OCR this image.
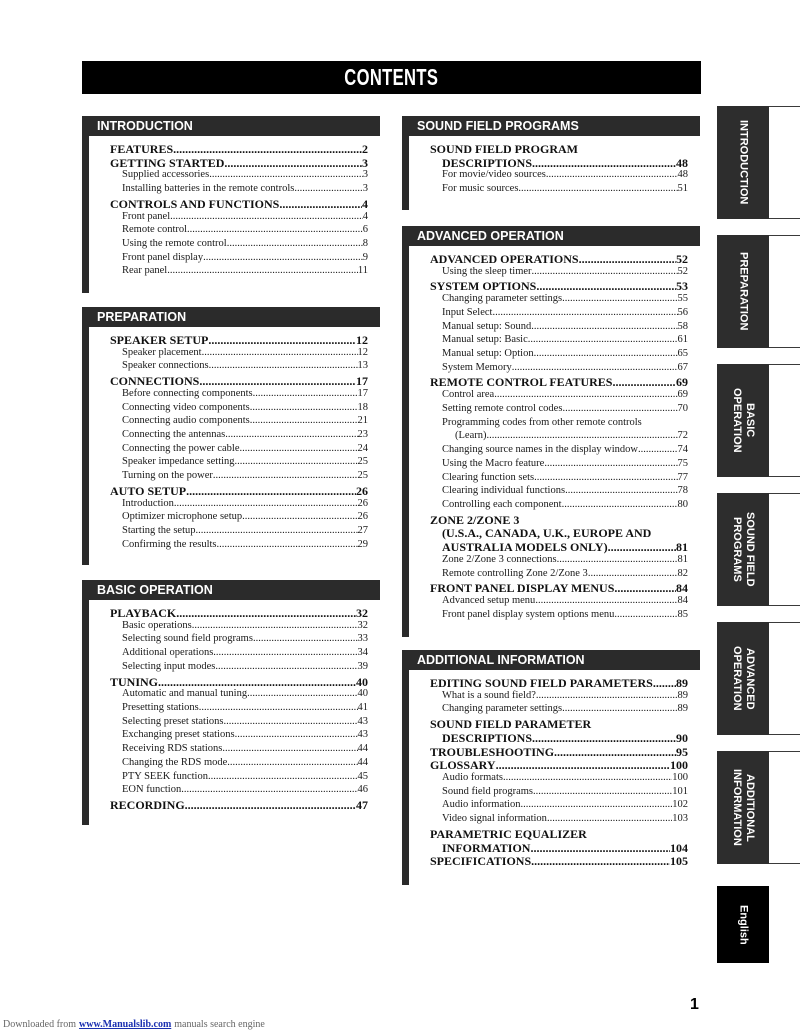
CONTENTS
INTRODUCTION
FEATURES .....	2
GETTING STARTED .....	3
Supplied accessories .....	3
Installing batteries in the remote controls .....	3
CONTROLS AND FUNCTIONS .....	4
Front panel .....	4
Remote control .....	6
Using the remote control .....	8
Front panel display .....	9
Rear panel .....	11
PREPARATION
SPEAKER SETUP .....	12
Speaker placement .....	12
Speaker connections .....	13
CONNECTIONS .....	17
Before connecting components .....	17
Connecting video components .....	18
Connecting audio components .....	21
Connecting the antennas .....	23
Connecting the power cable .....	24
Speaker impedance setting .....	25
Turning on the power .....	25
AUTO SETUP .....	26
Introduction .....	26
Optimizer microphone setup .....	26
Starting the setup .....	27
Confirming the results .....	29
BASIC OPERATION
PLAYBACK .....	32
Basic operations .....	32
Selecting sound field programs .....	33
Additional operations .....	34
Selecting input modes .....	39
TUNING .....	40
Automatic and manual tuning .....	40
Presetting stations .....	41
Selecting preset stations .....	43
Exchanging preset stations .....	43
Receiving RDS stations .....	44
Changing the RDS mode .....	44
PTY SEEK function .....	45
EON function .....	46
RECORDING .....	47
SOUND FIELD PROGRAMS
SOUND FIELD PROGRAM
DESCRIPTIONS .....	48
For movie/video sources .....	48
For music sources .....	51
ADVANCED OPERATION
ADVANCED OPERATIONS .....	52
Using the sleep timer .....	52
SYSTEM OPTIONS .....	53
Changing parameter settings .....	55
Input Select .....	56
Manual setup: Sound .....	58
Manual setup: Basic .....	61
Manual setup: Option .....	65
System Memory .....	67
REMOTE CONTROL FEATURES .....	69
Control area .....	69
Setting remote control codes .....	70
Programming codes from other remote controls
(Learn) .....	72
Changing source names in the display window .....	74
Using the Macro feature .....	75
Clearing function sets .....	77
Clearing individual functions .....	78
Controlling each component .....	80
ZONE 2/ZONE 3
(U.S.A., CANADA, U.K., EUROPE AND
AUSTRALIA MODELS ONLY) .....	81
Zone 2/Zone 3 connections .....	81
Remote controlling Zone 2/Zone 3 .....	82
FRONT PANEL DISPLAY MENUS .....	84
Advanced setup menu .....	84
Front panel display system options menu .....	85
ADDITIONAL INFORMATION
EDITING SOUND FIELD PARAMETERS ..... 89
What is a sound field? .....	89
Changing parameter settings .....	89
SOUND FIELD PARAMETER
DESCRIPTIONS .....	90
TROUBLESHOOTING .....	95
GLOSSARY .....	100
Audio formats .....	100
Sound field programs .....	101
Audio information .....	102
Video signal information .....	103
PARAMETRIC EQUALIZER
INFORMATION .....	104
SPECIFICATIONS .....	105
INTRODUCTION
PREPARATION
BASIC
OPERATION
SOUND FIELD
PROGRAMS
ADVANCED
OPERATION
ADDITIONAL
INFORMATION
English
1
Downloaded from www.Manualslib.com manuals search engine
